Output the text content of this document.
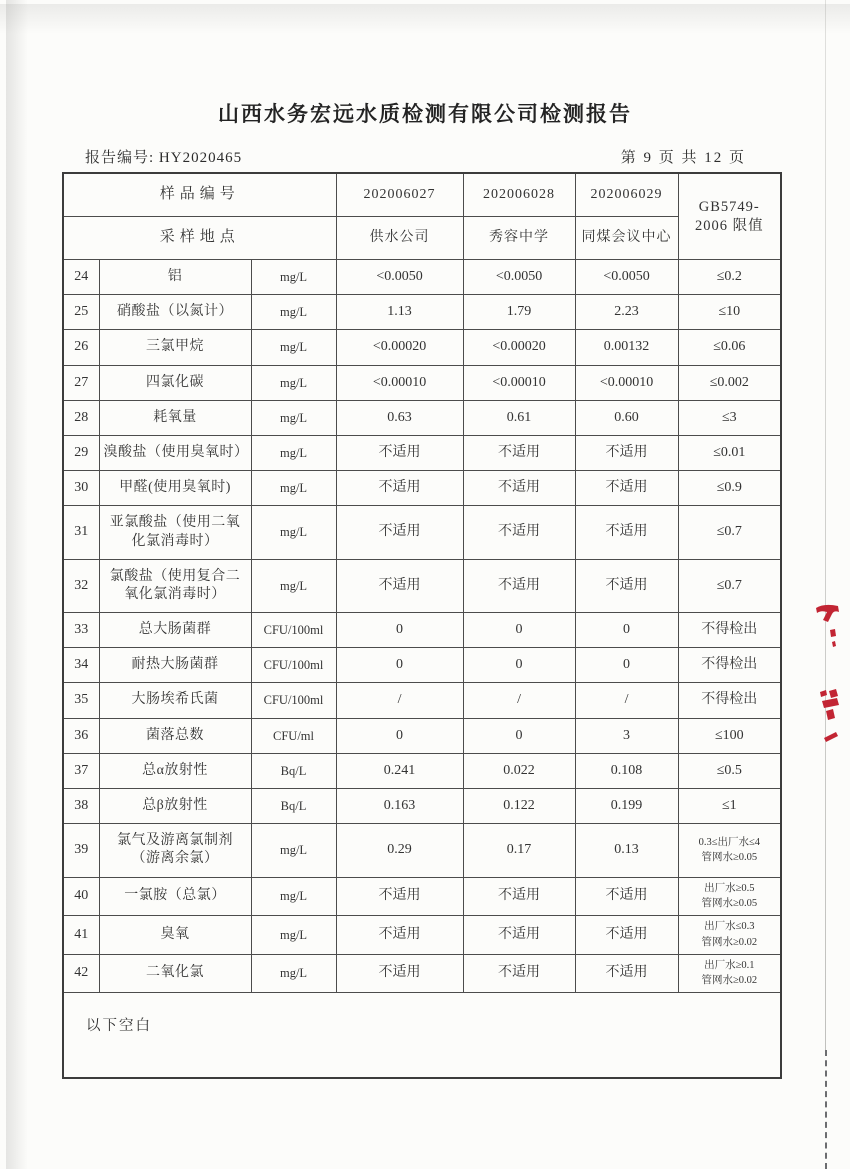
山西水务宏远水质检测有限公司检测报告
报告编号: HY2020465	第 9 页 共 12 页
样品编号			202006027	202006028	202006029	GB5749-
2006 限值

采样地点			供水公司	秀容中学	同煤会议中心	
24	铝	mg/L	<0.0050	<0.0050	<0.0050	≤0.2
25	硝酸盐（以氮计）	mg/L	1.13	1.79	2.23	≤10
26	三氯甲烷	mg/L	<0.00020	<0.00020	0.00132	≤0.06
27	四氯化碳	mg/L	<0.00010	<0.00010	<0.00010	≤0.002
28	耗氧量	mg/L	0.63	0.61	0.60	≤3
29	溴酸盐（使用臭氧时）	mg/L	不适用	不适用	不适用	≤0.01
30	甲醛(使用臭氧时)	mg/L	不适用	不适用	不适用	≤0.9
31	亚氯酸盐（使用二氧化氯消毒时）	mg/L	不适用	不适用	不适用	≤0.7
32	氯酸盐（使用复合二氧化氯消毒时）	mg/L	不适用	不适用	不适用	≤0.7
33	总大肠菌群	CFU/100ml	0	0	0	不得检出
34	耐热大肠菌群	CFU/100ml	0	0	0	不得检出
35	大肠埃希氏菌	CFU/100ml	/	/	/	不得检出
36	菌落总数	CFU/ml	0	0	3	≤100
37	总α放射性	Bq/L	0.241	0.022	0.108	≤0.5
38	总β放射性	Bq/L	0.163	0.122	0.199	≤1
39	氯气及游离氯制剂（游离余氯）	mg/L	0.29	0.17	0.13	0.3≤出厂水≤4
管网水≥0.05

40	一氯胺（总氯）	mg/L	不适用	不适用	不适用	出厂水≥0.5
管网水≥0.05

41	臭氧	mg/L	不适用	不适用	不适用	出厂水≤0.3
管网水≥0.02

42	二氧化氯	mg/L	不适用	不适用	不适用	出厂水≥0.1
管网水≥0.02

以下空白						
